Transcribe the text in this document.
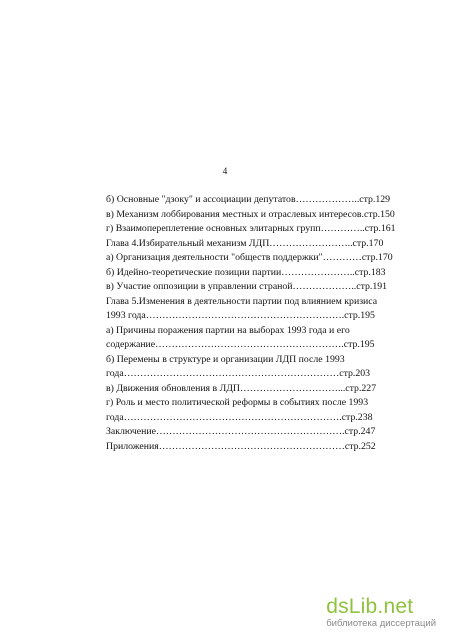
4
б) Основные "дзоку" и ассоциации депутатов………………..стр.129
в) Механизм лоббирования местных и отраслевых интересов.стр.150
г) Взаимопереплетение основных элитарных групп…………..стр.161
Глава 4.Избирательный механизм ЛДП……………………..стр.170
а) Организация деятельности "обществ поддержки"…………стр.170
б) Идейно-теоретические позиции партии…………………..стр.183
в) Участие оппозиции в управлении страной………………..стр.191
Глава 5.Изменения в деятельности партии под влиянием кризиса
1993 года…………………………………………………….стр.195
а) Причины поражения партии на выборах 1993 года и его
содержание………………………………………………….стр.195
б) Перемены в структуре и организации ЛДП после 1993
года…………………………………………………………стр.203
в) Движения обновления в ЛДП…………………………...стр.227
г) Роль и место политической реформы в событиях после 1993
года………………………………………………………….стр.238
Заключение………………………………………………….стр.247
Приложения…………………………………………………стр.252
dsLib.net
библиотека диссертаций
